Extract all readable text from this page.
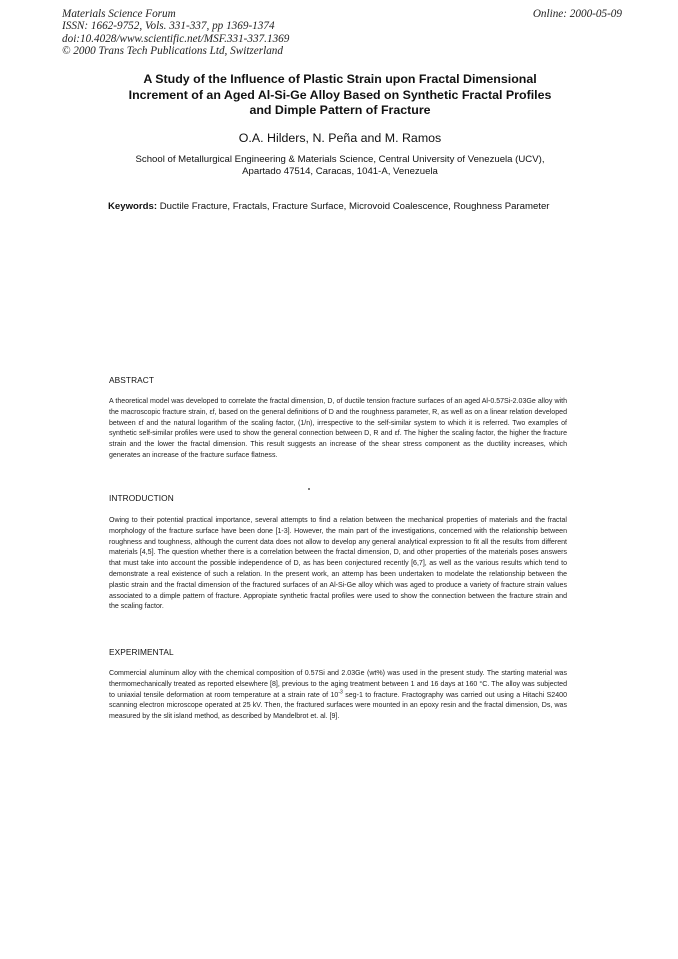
Materials Science Forum
ISSN: 1662-9752, Vols. 331-337, pp 1369-1374
doi:10.4028/www.scientific.net/MSF.331-337.1369
© 2000 Trans Tech Publications Ltd, Switzerland
Online: 2000-05-09
A Study of the Influence of Plastic Strain upon Fractal Dimensional
Increment of an Aged Al-Si-Ge Alloy Based on Synthetic Fractal Profiles
and Dimple Pattern of Fracture
O.A. Hilders, N. Peña and M. Ramos
School of Metallurgical Engineering & Materials Science, Central University of Venezuela (UCV),
Apartado 47514, Caracas, 1041-A, Venezuela
Keywords: Ductile Fracture, Fractals, Fracture Surface, Microvoid Coalescence, Roughness Parameter
ABSTRACT
A theoretical model was developed to correlate the fractal dimension, D, of ductile tension fracture surfaces of an aged Al-0.57Si-2.03Ge alloy with the macroscopic fracture strain, εf, based on the general definitions of D and the roughness parameter, R, as well as on a linear relation developed between εf and the natural logarithm of the scaling factor, (1/n), irrespective to the self-similar system to which it is referred. Two examples of synthetic self-similar profiles were used to show the general connection between D, R and εf. The higher the scaling factor, the higher the fracture strain and the lower the fractal dimension. This result suggests an increase of the shear stress component as the ductility increases, which generates an increase of the fracture surface flatness.
INTRODUCTION
Owing to their potential practical importance, several attempts to find a relation between the mechanical properties of materials and the fractal morphology of the fracture surface have been done [1-3]. However, the main part of the investigations, concerned with the relationship between roughness and toughness, although the current data does not allow to develop any general analytical expression to fit all the results from different materials [4,5]. The question whether there is a correlation between the fractal dimension, D, and other properties of the materials poses answers that must take into account the possible independence of D, as has been conjectured recently [6,7], as well as the various results which tend to demonstrate a real existence of such a relation. In the present work, an attemp has been undertaken to modelate the relationship between the plastic strain and the fractal dimension of the fractured surfaces of an Al-Si-Ge alloy which was aged to produce a variety of fracture strain values associated to a dimple pattern of fracture. Appropiate synthetic fractal profiles were used to show the connection between the fracture strain and the scaling factor.
EXPERIMENTAL
Commercial aluminum alloy with the chemical composition of 0.57Si and 2.03Ge (wt%) was used in the present study. The starting material was thermomechanically treated as reported elsewhere [8], previous to the aging treatment between 1 and 16 days at 160 °C. The alloy was subjected to uniaxial tensile deformation at room temperature at a strain rate of $10^{-3}$ seg-1 to fracture. Fractography was carried out using a Hitachi S2400 scanning electron microscope operated at 25 kV. Then, the fractured surfaces were mounted in an epoxy resin and the fractal dimension, Ds, was measured by the slit island method, as described by Mandelbrot et. al. [9].
